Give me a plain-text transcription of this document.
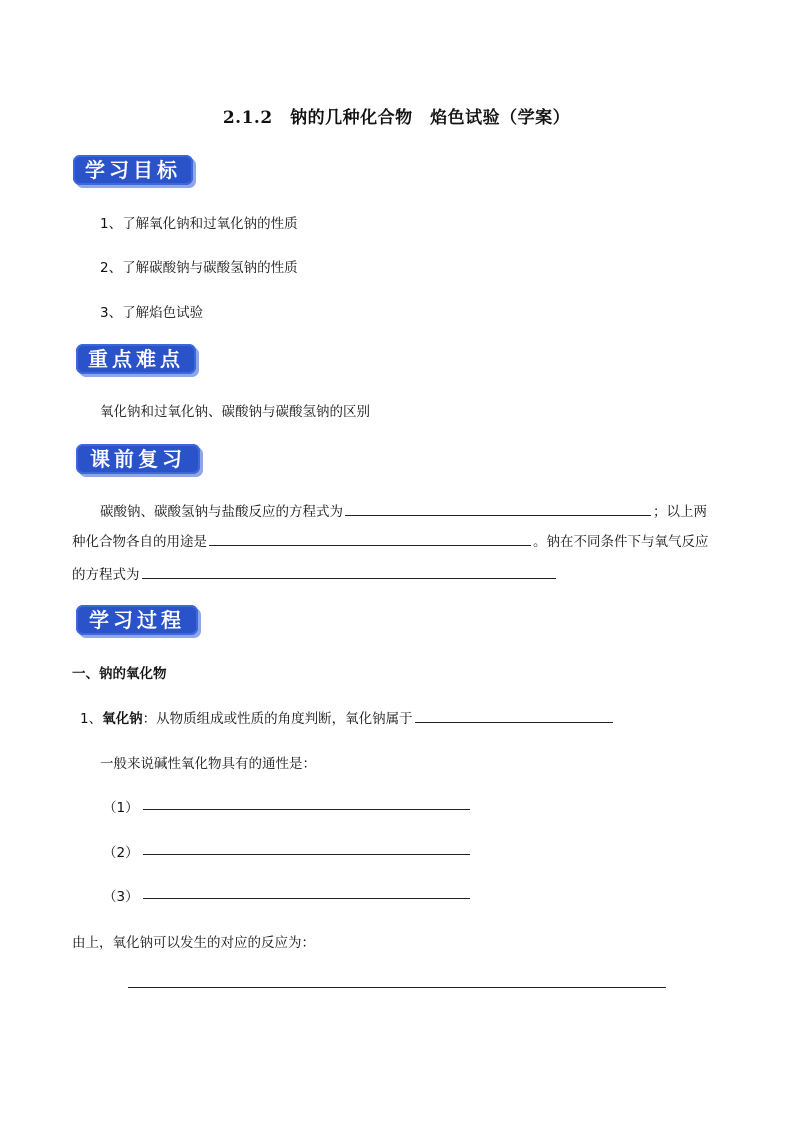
2.1.2　钠的几种化合物　焰色试验（学案）
学习目标
1、了解氧化钠和过氧化钠的性质
2、了解碳酸钠与碳酸氢钠的性质
3、了解焰色试验
重点难点
氧化钠和过氧化钠、碳酸钠与碳酸氢钠的区别
课前复习
碳酸钠、碳酸氢钠与盐酸反应的方程式为	；以上两
种化合物各自的用途是	。钠在不同条件下与氧气反应
的方程式为
学习过程
一、钠的氧化物
1、氧化钠：从物质组成或性质的角度判断，氧化钠属于
一般来说碱性氧化物具有的通性是：
（1）
（2）
（3）
由上，氧化钠可以发生的对应的反应为：
